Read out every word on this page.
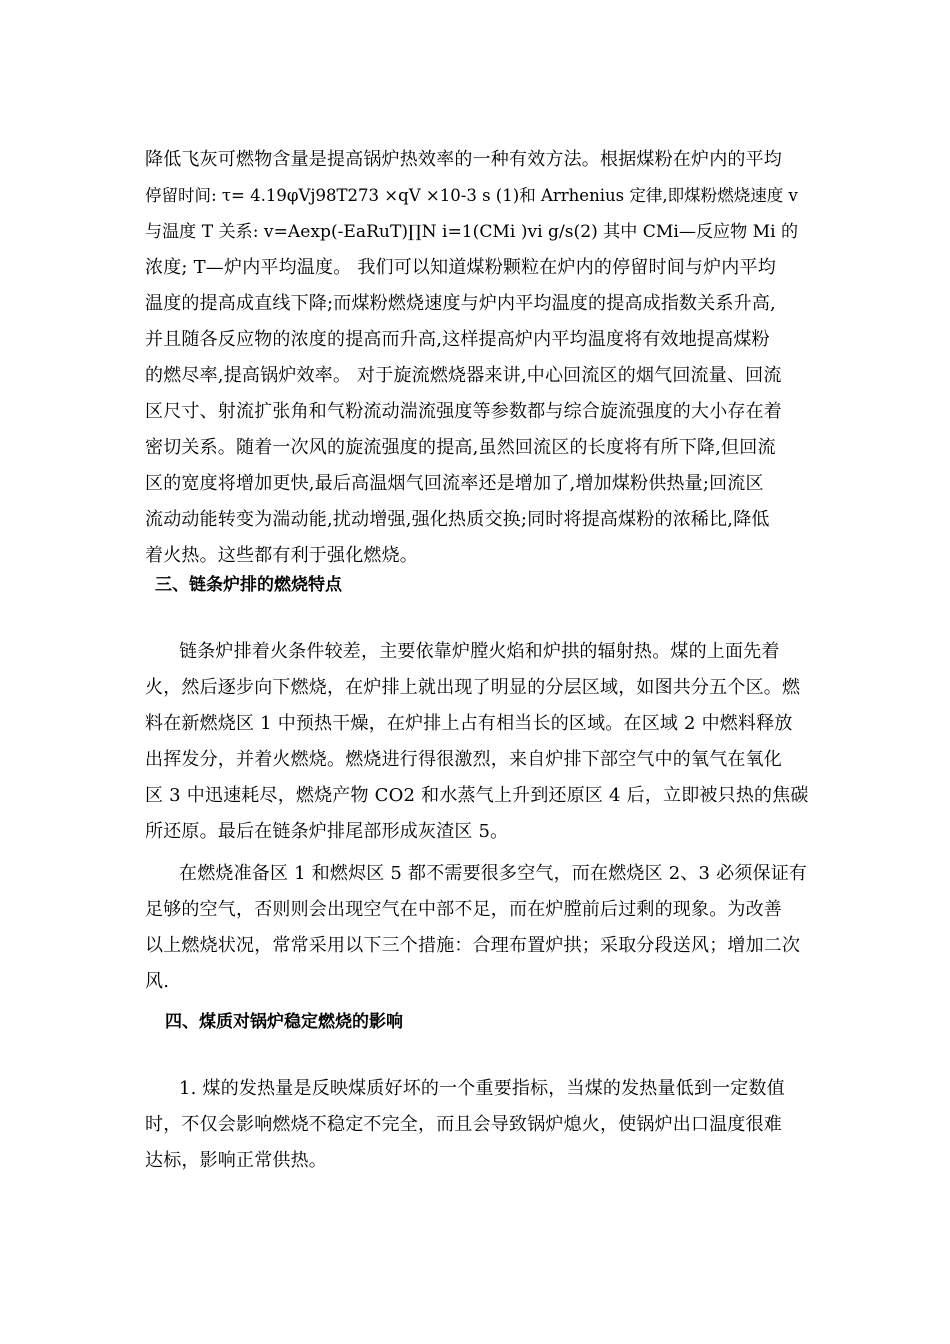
降低飞灰可燃物含量是提高锅炉热效率的一种有效方法。根据煤粉在炉内的平均
停留时间: τ= 4.19φVj98T273 ×qV ×10-3 s (1)和 Arrhenius 定律,即煤粉燃烧速度 v
与温度 T 关系: v=Aexp(-EaRuT)∏N i=1(CMi )vi g/s(2) 其中 CMi—反应物 Mi 的
浓度; T—炉内平均温度。 我们可以知道煤粉颗粒在炉内的停留时间与炉内平均
温度的提高成直线下降;而煤粉燃烧速度与炉内平均温度的提高成指数关系升高,
并且随各反应物的浓度的提高而升高,这样提高炉内平均温度将有效地提高煤粉
的燃尽率,提高锅炉效率。 对于旋流燃烧器来讲,中心回流区的烟气回流量、回流
区尺寸、射流扩张角和气粉流动湍流强度等参数都与综合旋流强度的大小存在着
密切关系。随着一次风的旋流强度的提高,虽然回流区的长度将有所下降,但回流
区的宽度将增加更快,最后高温烟气回流率还是增加了,增加煤粉供热量;回流区
流动动能转变为湍动能,扰动增强,强化热质交换;同时将提高煤粉的浓稀比,降低
着火热。这些都有利于强化燃烧。
三、链条炉排的燃烧特点
链条炉排着火条件较差，主要依靠炉膛火焰和炉拱的辐射热。煤的上面先着
火，然后逐步向下燃烧，在炉排上就出现了明显的分层区域，如图共分五个区。燃
料在新燃烧区 1 中预热干燥，在炉排上占有相当长的区域。在区域 2 中燃料释放
出挥发分，并着火燃烧。燃烧进行得很激烈，来自炉排下部空气中的氧气在氧化
区 3 中迅速耗尽，燃烧产物 CO2 和水蒸气上升到还原区 4 后，立即被只热的焦碳
所还原。最后在链条炉排尾部形成灰渣区 5。
在燃烧准备区 1 和燃烬区 5 都不需要很多空气，而在燃烧区 2、3 必须保证有
足够的空气，否则则会出现空气在中部不足，而在炉膛前后过剩的现象。为改善
以上燃烧状况，常常采用以下三个措施：合理布置炉拱；采取分段送风；增加二次
风.
四、煤质对锅炉稳定燃烧的影响
1. 煤的发热量是反映煤质好坏的一个重要指标，当煤的发热量低到一定数值
时，不仅会影响燃烧不稳定不完全，而且会导致锅炉熄火，使锅炉出口温度很难
达标，影响正常供热。
